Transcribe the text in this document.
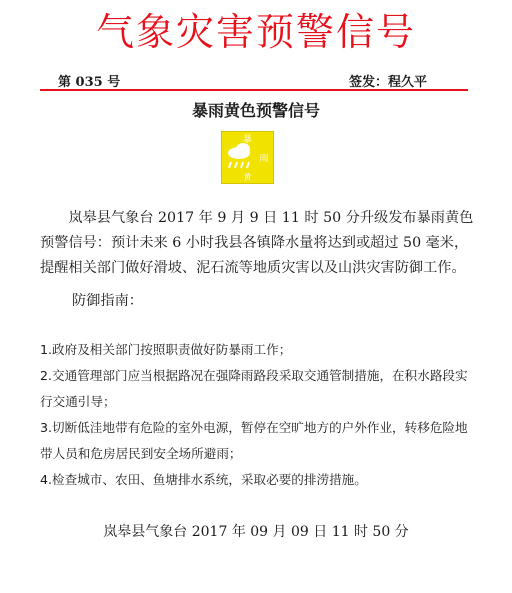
气象灾害预警信号
第 035 号	签发：程久平
暴雨黄色预警信号
暴
雨
黄
岚皋县气象台 2017 年 9 月 9 日 11 时 50 分升级发布暴雨黄色预警信号：预计未来 6 小时我县各镇降水量将达到或超过 50 毫米，提醒相关部门做好滑坡、泥石流等地质灾害以及山洪灾害防御工作。
防御指南：
1.政府及相关部门按照职责做好防暴雨工作；
2.交通管理部门应当根据路况在强降雨路段采取交通管制措施，在积水路段实行交通引导；
3.切断低洼地带有危险的室外电源，暂停在空旷地方的户外作业，转移危险地带人员和危房居民到安全场所避雨；
4.检查城市、农田、鱼塘排水系统，采取必要的排涝措施。
岚皋县气象台 2017 年 09 月 09 日 11 时 50 分
